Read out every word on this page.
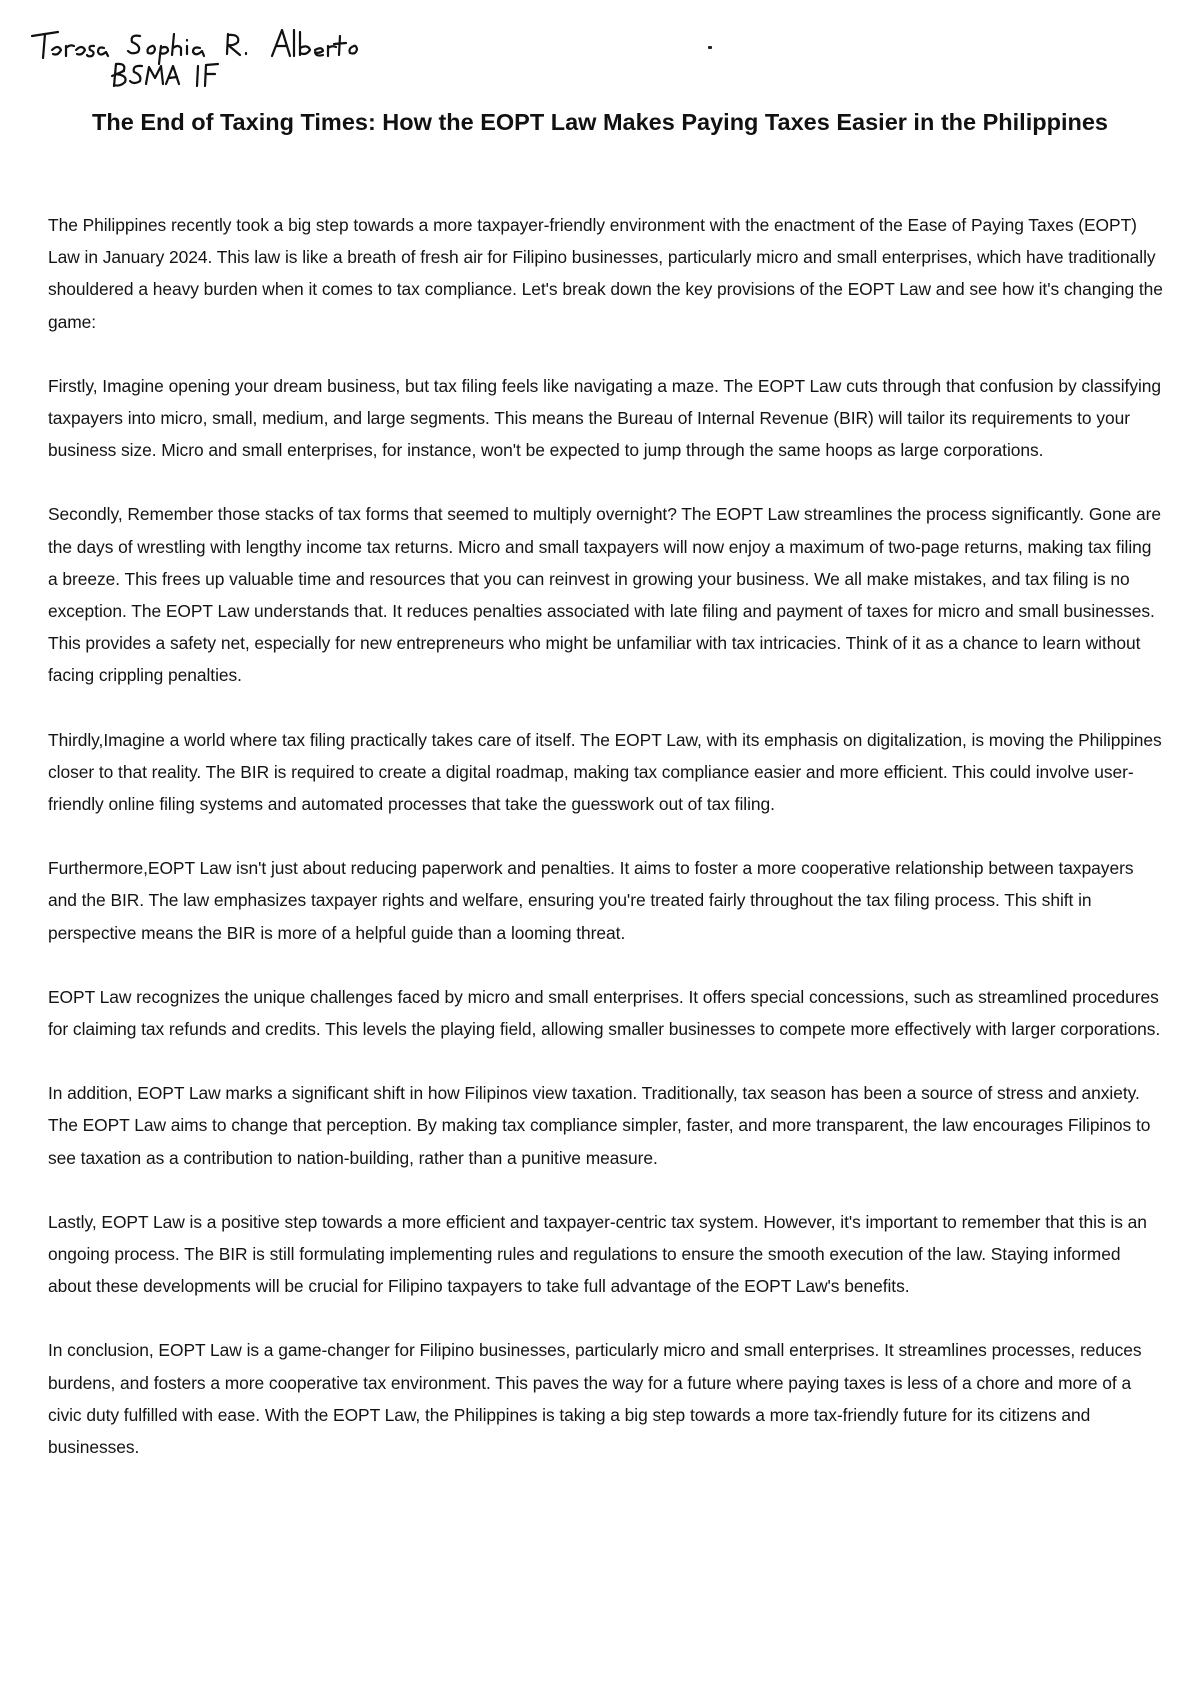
The End of Taxing Times: How the EOPT Law Makes Paying Taxes Easier in the Philippines

The Philippines recently took a big step towards a more taxpayer-friendly environment with the enactment of the Ease of Paying Taxes (EOPT) Law in January 2024. This law is like a breath of fresh air for Filipino businesses, particularly micro and small enterprises, which have traditionally shouldered a heavy burden when it comes to tax compliance. Let's break down the key provisions of the EOPT Law and see how it's changing the game:

Firstly, Imagine opening your dream business, but tax filing feels like navigating a maze. The EOPT Law cuts through that confusion by classifying taxpayers into micro, small, medium, and large segments. This means the Bureau of Internal Revenue (BIR) will tailor its requirements to your business size. Micro and small enterprises, for instance, won't be expected to jump through the same hoops as large corporations.

Secondly, Remember those stacks of tax forms that seemed to multiply overnight? The EOPT Law streamlines the process significantly. Gone are the days of wrestling with lengthy income tax returns. Micro and small taxpayers will now enjoy a maximum of two-page returns, making tax filing a breeze. This frees up valuable time and resources that you can reinvest in growing your business. We all make mistakes, and tax filing is no exception. The EOPT Law understands that. It reduces penalties associated with late filing and payment of taxes for micro and small businesses. This provides a safety net, especially for new entrepreneurs who might be unfamiliar with tax intricacies. Think of it as a chance to learn without facing crippling penalties.

Thirdly,Imagine a world where tax filing practically takes care of itself. The EOPT Law, with its emphasis on digitalization, is moving the Philippines closer to that reality. The BIR is required to create a digital roadmap, making tax compliance easier and more efficient. This could involve user-friendly online filing systems and automated processes that take the guesswork out of tax filing.

Furthermore,EOPT Law isn't just about reducing paperwork and penalties. It aims to foster a more cooperative relationship between taxpayers and the BIR. The law emphasizes taxpayer rights and welfare, ensuring you're treated fairly throughout the tax filing process. This shift in perspective means the BIR is more of a helpful guide than a looming threat.

EOPT Law recognizes the unique challenges faced by micro and small enterprises. It offers special concessions, such as streamlined procedures for claiming tax refunds and credits. This levels the playing field, allowing smaller businesses to compete more effectively with larger corporations.

In addition, EOPT Law marks a significant shift in how Filipinos view taxation. Traditionally, tax season has been a source of stress and anxiety. The EOPT Law aims to change that perception. By making tax compliance simpler, faster, and more transparent, the law encourages Filipinos to see taxation as a contribution to nation-building, rather than a punitive measure.

Lastly, EOPT Law is a positive step towards a more efficient and taxpayer-centric tax system. However, it's important to remember that this is an ongoing process. The BIR is still formulating implementing rules and regulations to ensure the smooth execution of the law. Staying informed about these developments will be crucial for Filipino taxpayers to take full advantage of the EOPT Law's benefits.

In conclusion, EOPT Law is a game-changer for Filipino businesses, particularly micro and small enterprises. It streamlines processes, reduces burdens, and fosters a more cooperative tax environment. This paves the way for a future where paying taxes is less of a chore and more of a civic duty fulfilled with ease. With the EOPT Law, the Philippines is taking a big step towards a more tax-friendly future for its citizens and businesses.
